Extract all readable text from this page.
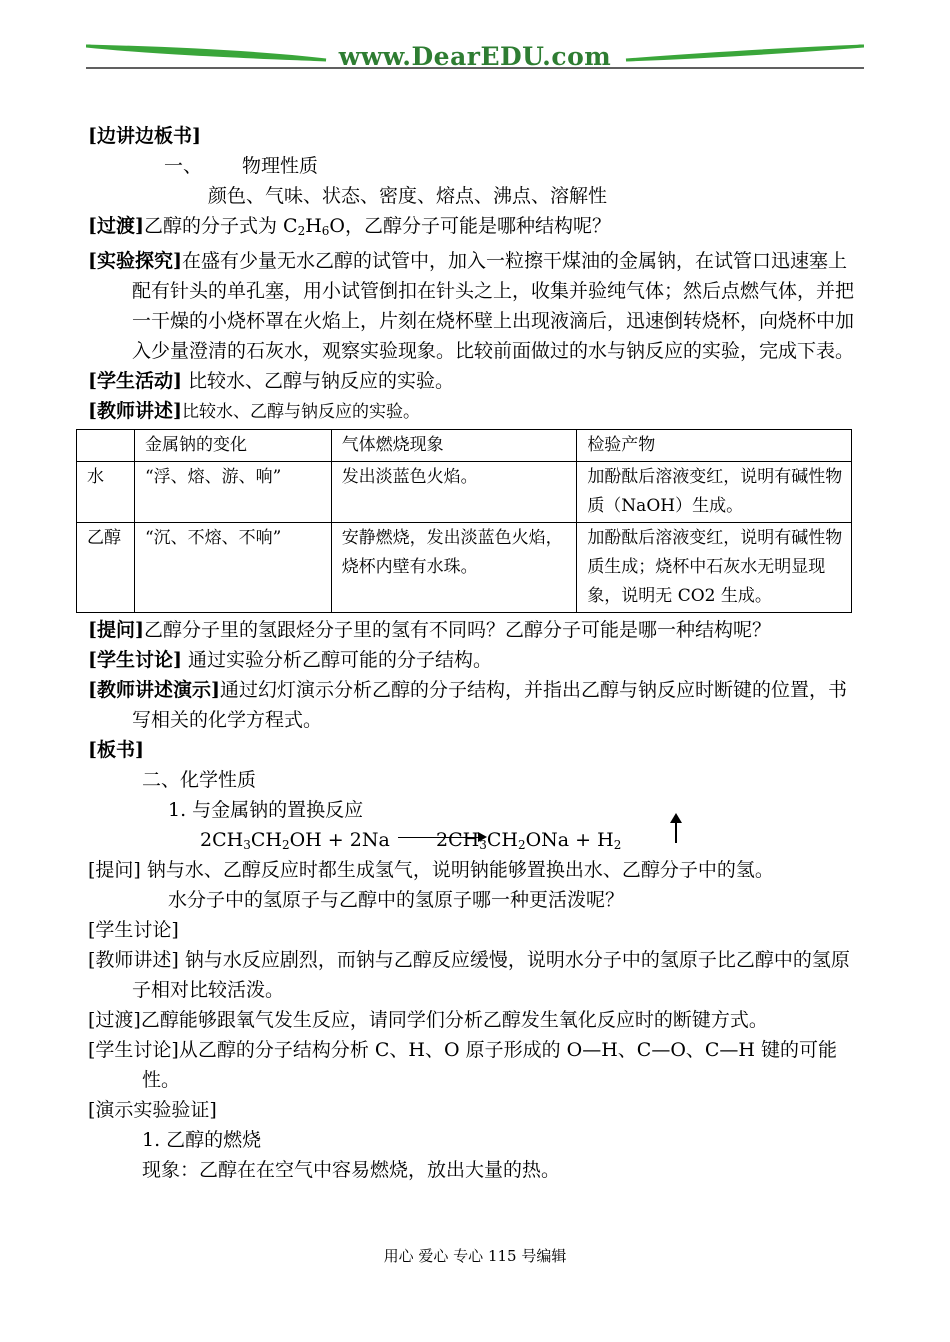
www.DearEDU.com

[边讲边板书]

一、 物理性质

颜色、气味、状态、密度、熔点、沸点、溶解性

[过渡]乙醇的分子式为 $C_2H_6O$，乙醇分子可能是哪种结构呢？

[实验探究]在盛有少量无水乙醇的试管中，加入一粒擦干煤油的金属钠，在试管口迅速塞上配有针头的单孔塞，用小试管倒扣在针头之上，收集并验纯气体；然后点燃气体，并把一干燥的小烧杯罩在火焰上，片刻在烧杯壁上出现液滴后，迅速倒转烧杯，向烧杯中加入少量澄清的石灰水，观察实验现象。比较前面做过的水与钠反应的实验，完成下表。

[学生活动] 比较水、乙醇与钠反应的实验。

[教师讲述]比较水、乙醇与钠反应的实验。

	金属钠的变化	气体燃烧现象	检验产物
水	“浮、熔、游、响”	发出淡蓝色火焰。	加酚酞后溶液变红，说明有碱性物质（NaOH）生成。
乙醇	“沉、不熔、不响”	安静燃烧，发出淡蓝色火焰，烧杯内壁有水珠。	加酚酞后溶液变红，说明有碱性物质生成；烧杯中石灰水无明显现象，说明无 CO2 生成。

[提问]乙醇分子里的氢跟烃分子里的氢有不同吗？乙醇分子可能是哪一种结构呢？

[学生讨论] 通过实验分析乙醇可能的分子结构。

[教师讲述演示]通过幻灯演示分析乙醇的分子结构，并指出乙醇与钠反应时断键的位置，书写相关的化学方程式。

[板书]

二、化学性质

1. 与金属钠的置换反应

$2CH_3CH_2OH + 2Na$ $2CH_3CH_2ONa + H_2$

[提问] 钠与水、乙醇反应时都生成氢气，说明钠能够置换出水、乙醇分子中的氢。

水分子中的氢原子与乙醇中的氢原子哪一种更活泼呢？

[学生讨论]

[教师讲述] 钠与水反应剧烈，而钠与乙醇反应缓慢，说明水分子中的氢原子比乙醇中的氢原子相对比较活泼。

[过渡]乙醇能够跟氧气发生反应，请同学们分析乙醇发生氧化反应时的断键方式。

[学生讨论]从乙醇的分子结构分析 C、H、O 原子形成的 O—H、C—O、C—H 键的可能性。

[演示实验验证]

1. 乙醇的燃烧

现象：乙醇在在空气中容易燃烧，放出大量的热。

用心 爱心 专心 115 号编辑
